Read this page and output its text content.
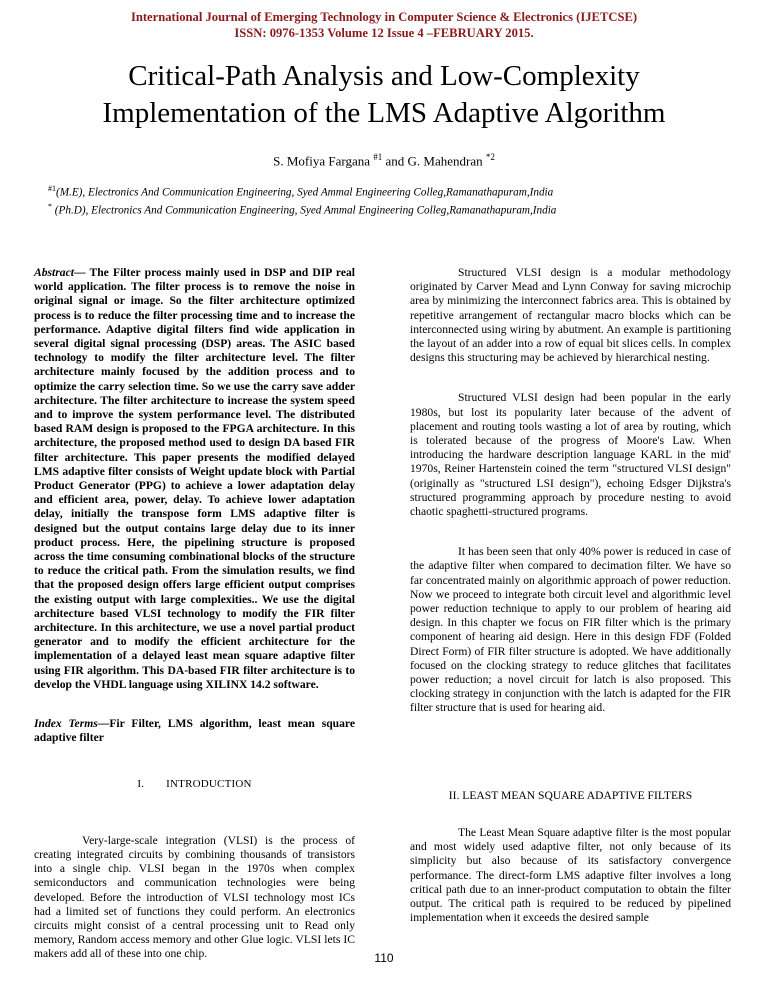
International Journal of Emerging Technology in Computer Science & Electronics (IJETCSE)
ISSN: 0976-1353 Volume 12 Issue 4 –FEBRUARY 2015.
Critical-Path Analysis and Low-Complexity
Implementation of the LMS Adaptive Algorithm
S. Mofiya Fargana $^{\#1}$ and G. Mahendran $^{*2}$
$^{\#1}$(M.E), Electronics And Communication Engineering, Syed Ammal Engineering Colleg,Ramanathapuram,India
* (Ph.D), Electronics And Communication Engineering, Syed Ammal Engineering Colleg,Ramanathapuram,India

Abstract— The Filter process mainly used in DSP and DIP real world application. The filter process is to remove the noise in original signal or image. So the filter architecture optimized process is to reduce the filter processing time and to increase the performance. Adaptive digital filters find wide application in several digital signal processing (DSP) areas. The ASIC based technology to modify the filter architecture level. The filter architecture mainly focused by the addition process and to optimize the carry selection time. So we use the carry save adder architecture. The filter architecture to increase the system speed and to improve the system performance level. The distributed based RAM design is proposed to the FPGA architecture. In this architecture, the proposed method used to design DA based FIR filter architecture. This paper presents the modified delayed LMS adaptive filter consists of Weight update block with Partial Product Generator (PPG) to achieve a lower adaptation delay and efficient area, power, delay. To achieve lower adaptation delay, initially the transpose form LMS adaptive filter is designed but the output contains large delay due to its inner product process. Here, the pipelining structure is proposed across the time consuming combinational blocks of the structure to reduce the critical path. From the simulation results, we find that the proposed design offers large efficient output comprises the existing output with large complexities.. We use the digital architecture based VLSI technology to modify the FIR filter architecture. In this architecture, we use a novel partial product generator and to modify the efficient architecture for the implementation of a delayed least mean square adaptive filter using FIR algorithm. This DA-based FIR filter architecture is to develop the VHDL language using XILINX 14.2 software.

Index Terms—Fir Filter, LMS algorithm, least mean square adaptive filter

I. INTRODUCTION

Very-large-scale integration (VLSI) is the process of creating integrated circuits by combining thousands of transistors into a single chip. VLSI began in the 1970s when complex semiconductors and communication technologies were being developed. Before the introduction of VLSI technology most ICs had a limited set of functions they could perform. An electronics circuits might consist of a central processing unit to Read only memory, Random access memory and other Glue logic. VLSI lets IC makers add all of these into one chip.

Structured VLSI design is a modular methodology originated by Carver Mead and Lynn Conway for saving microchip area by minimizing the interconnect fabrics area. This is obtained by repetitive arrangement of rectangular macro blocks which can be interconnected using wiring by abutment. An example is partitioning the layout of an adder into a row of equal bit slices cells. In complex designs this structuring may be achieved by hierarchical nesting.

Structured VLSI design had been popular in the early 1980s, but lost its popularity later because of the advent of placement and routing tools wasting a lot of area by routing, which is tolerated because of the progress of Moore's Law. When introducing the hardware description language KARL in the mid' 1970s, Reiner Hartenstein coined the term "structured VLSI design" (originally as "structured LSI design"), echoing Edsger Dijkstra's structured programming approach by procedure nesting to avoid chaotic spaghetti-structured programs.

It has been seen that only 40% power is reduced in case of the adaptive filter when compared to decimation filter. We have so far concentrated mainly on algorithmic approach of power reduction. Now we proceed to integrate both circuit level and algorithmic level power reduction technique to apply to our problem of hearing aid design. In this chapter we focus on FIR filter which is the primary component of hearing aid design. Here in this design FDF (Folded Direct Form) of FIR filter structure is adopted. We have additionally focused on the clocking strategy to reduce glitches that facilitates power reduction; a novel circuit for latch is also proposed. This clocking strategy in conjunction with the latch is adapted for the FIR filter structure that is used for hearing aid.

II. LEAST MEAN SQUARE ADAPTIVE FILTERS

The Least Mean Square adaptive filter is the most popular and most widely used adaptive filter, not only because of its simplicity but also because of its satisfactory convergence performance. The direct-form LMS adaptive filter involves a long critical path due to an inner-product computation to obtain the filter output. The critical path is required to be reduced by pipelined implementation when it exceeds the desired sample

110
